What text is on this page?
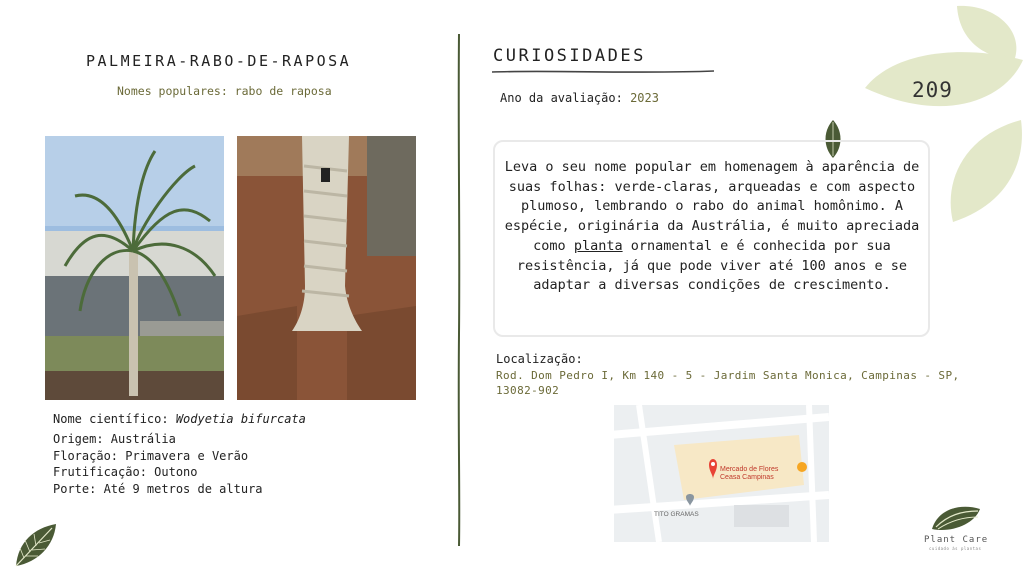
209
PALMEIRA-RABO-DE-RAPOSA
Nomes populares: rabo de raposa
Nome científico: Wodyetia bifurcata
Origem: Austrália
Floração: Primavera e Verão
Frutificação: Outono
Porte: Até 9 metros de altura
CURIOSIDADES
Ano da avaliação: 2023
Leva o seu nome popular em homenagem à aparência de suas folhas: verde-claras, arqueadas e com aspecto plumoso, lembrando o rabo do animal homônimo. A espécie, originária da Austrália, é muito apreciada como planta ornamental e é conhecida por sua resistência, já que pode viver até 100 anos e se adaptar a diversas condições de crescimento.
Localização:
Rod. Dom Pedro I, Km 140 - 5 - Jardim Santa Monica, Campinas - SP, 13082-902
Mercado de Flores
Ceasa Campinas
TITO GRAMAS
Plant Care
cuidado às plantas
